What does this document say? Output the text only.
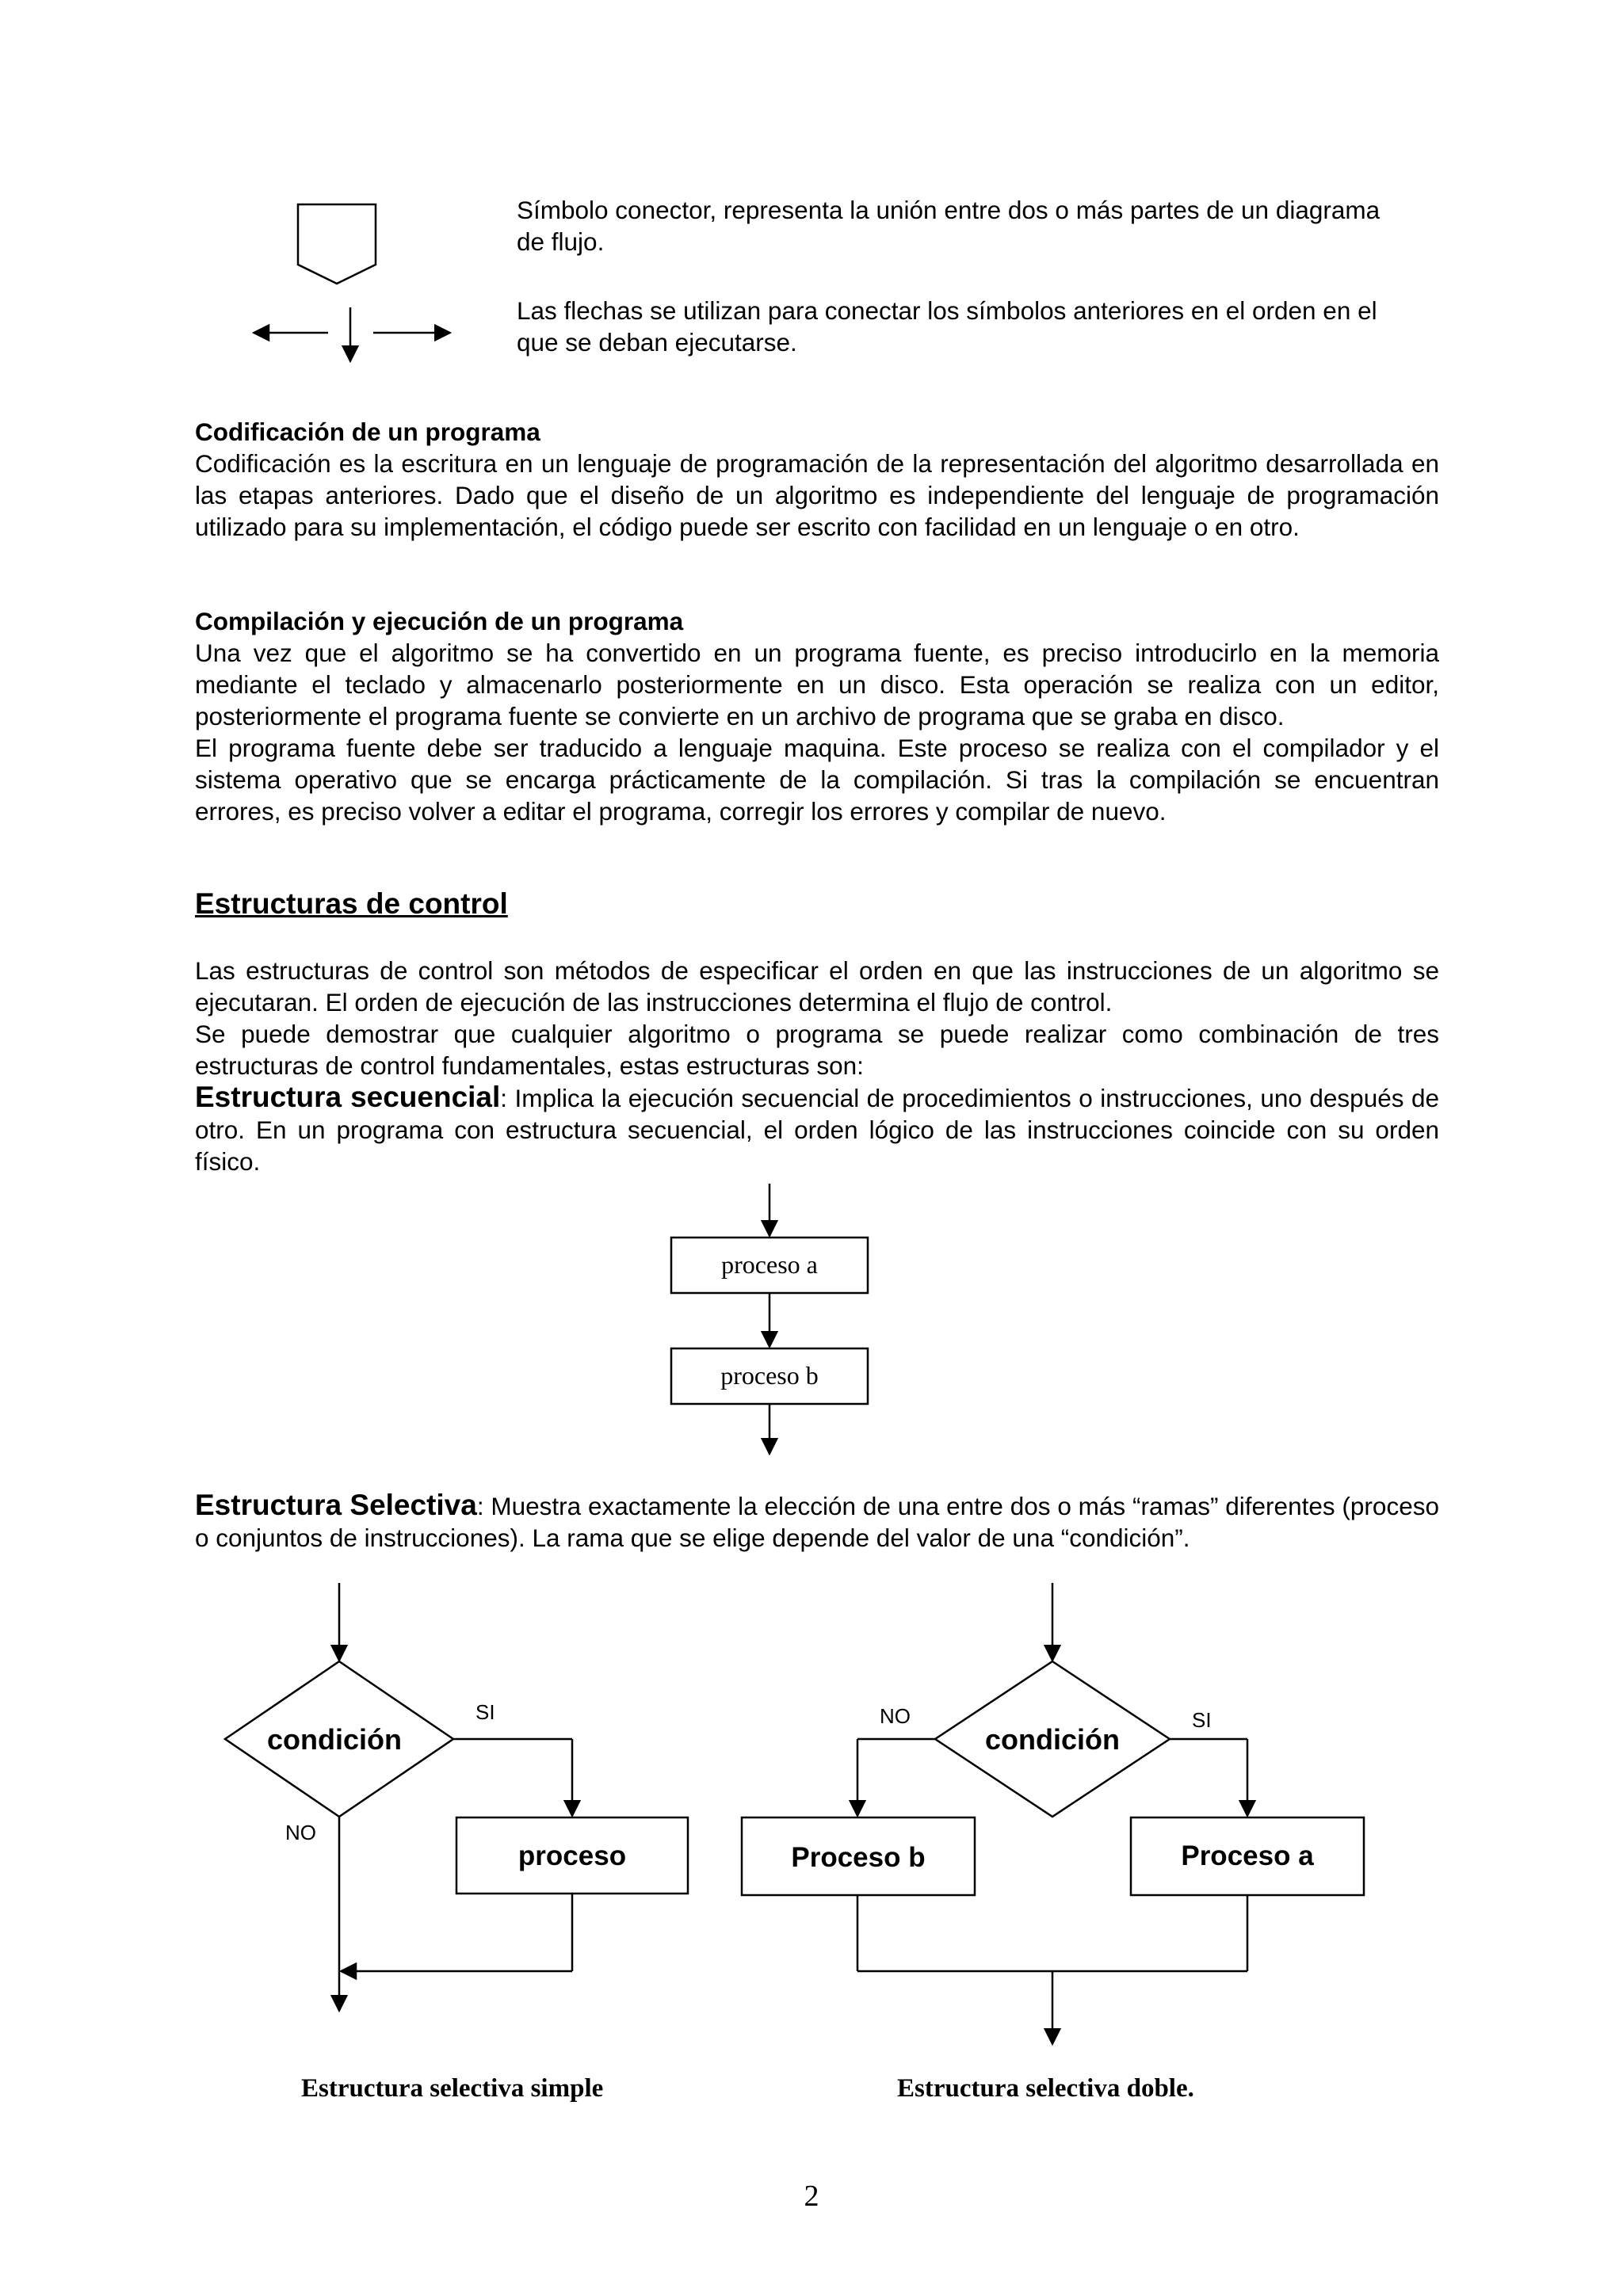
Símbolo conector, representa la unión entre dos o más partes de un diagrama de flujo.

Las flechas se utilizan para conectar los símbolos anteriores en el orden en el que se deban ejecutarse.

Codificación de un programa

Codificación es la escritura en un lenguaje de programación de la representación del algoritmo desarrollada en las etapas anteriores. Dado que el diseño de un algoritmo es independiente del lenguaje de programación utilizado para su implementación, el código puede ser escrito con facilidad en un lenguaje o en otro.

Compilación y ejecución de un programa

Una vez que el algoritmo se ha convertido en un programa fuente, es preciso introducirlo en la memoria mediante el teclado y almacenarlo posteriormente en un disco. Esta operación se realiza con un editor, posteriormente el programa fuente se convierte en un archivo de programa que se graba en disco.

El programa fuente debe ser traducido a lenguaje maquina. Este proceso se realiza con el compilador y el sistema operativo que se encarga prácticamente de la compilación. Si tras la compilación se encuentran errores, es preciso volver a editar el programa, corregir los errores y compilar de nuevo.

Estructuras de control

Las estructuras de control son métodos de especificar el orden en que las instrucciones de un algoritmo se ejecutaran. El orden de ejecución de las instrucciones determina el flujo de control.

Se puede demostrar que cualquier algoritmo o programa se puede realizar como combinación de tres estructuras de control fundamentales, estas estructuras son:

Estructura secuencial: Implica la ejecución secuencial de procedimientos o instrucciones, uno después de otro. En un programa con estructura secuencial, el orden lógico de las instrucciones coincide con su orden físico.

proceso a
proceso b

Estructura Selectiva: Muestra exactamente la elección de una entre dos o más “ramas” diferentes (proceso o conjuntos de instrucciones). La rama que se elige depende del valor de una “condición”.

condición
SI
proceso
NO
condición
NO	SI
Proceso b	Proceso a
Estructura selectiva simple	Estructura selectiva doble.
2
